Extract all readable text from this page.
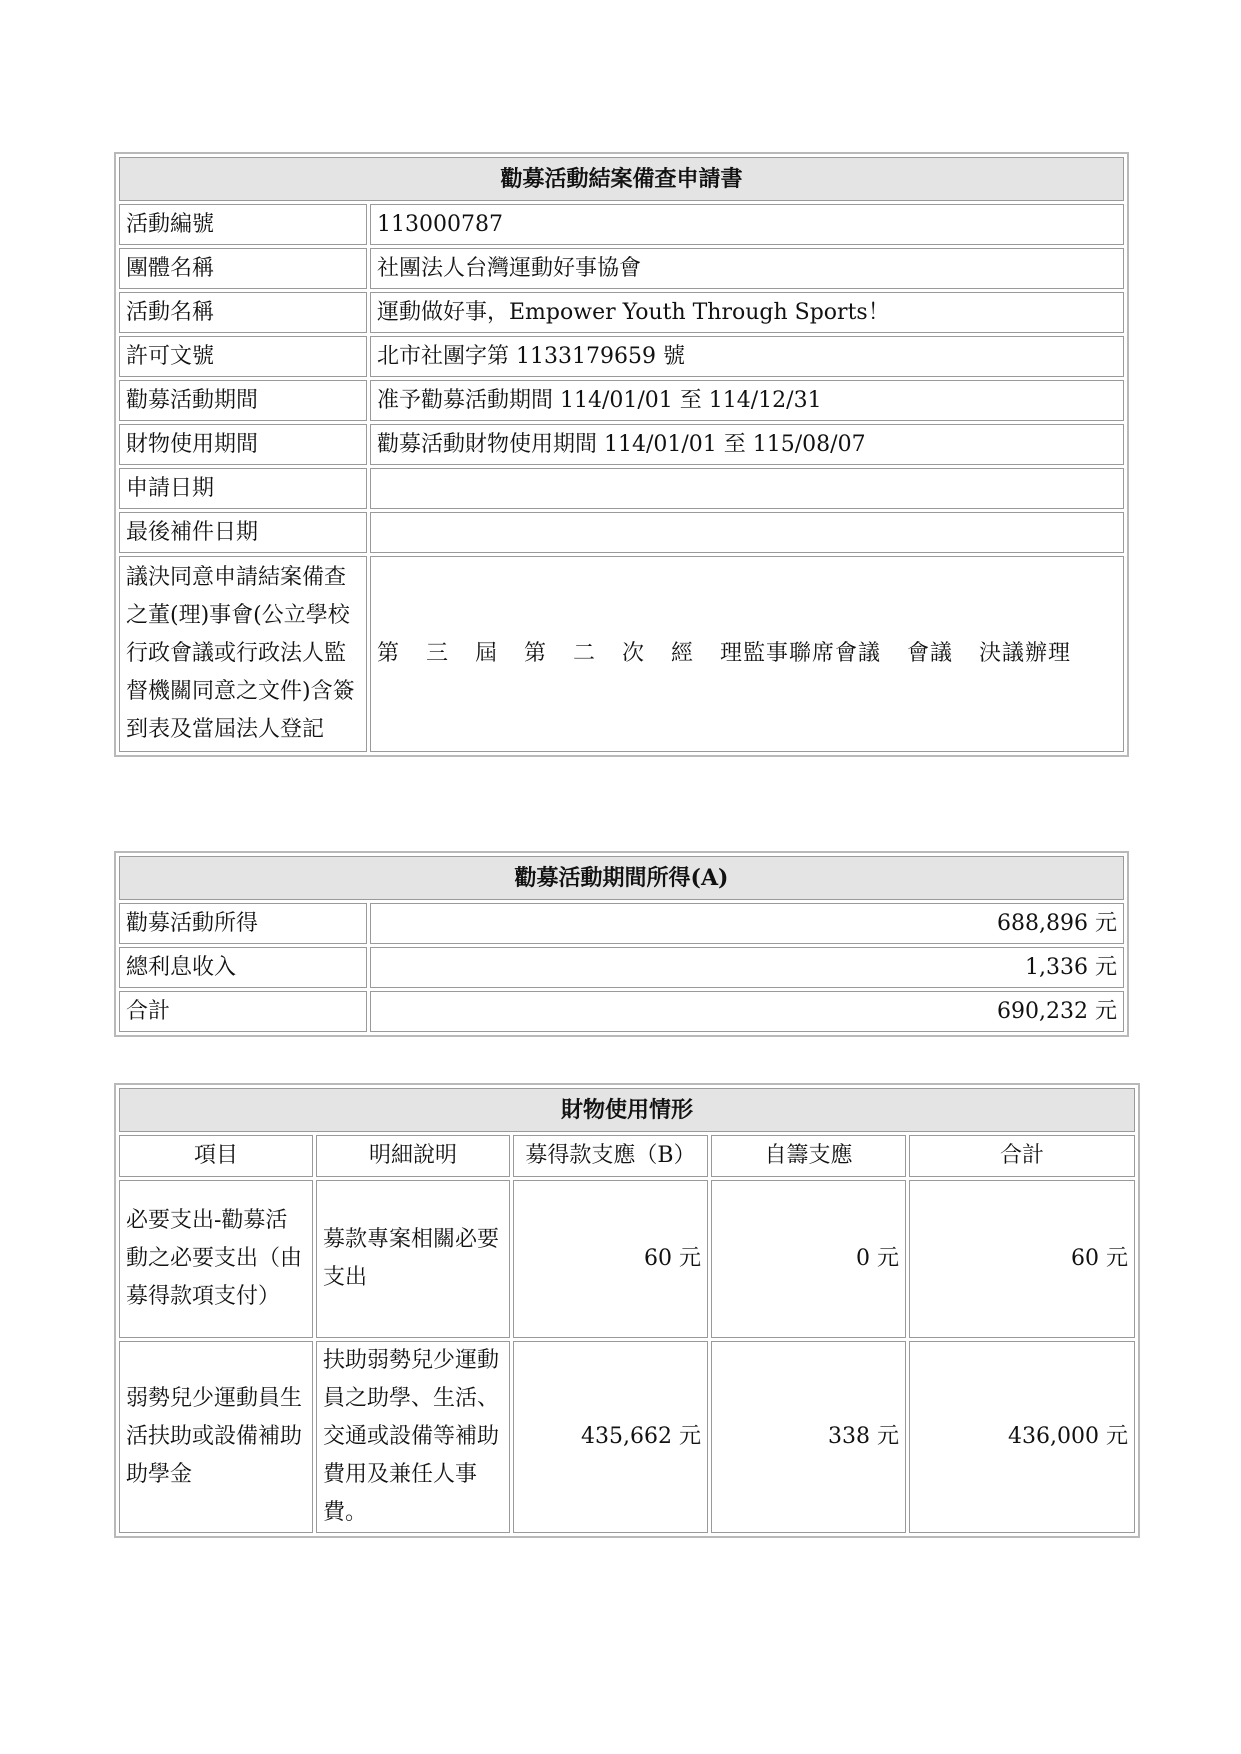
勸募活動結案備查申請書	
活動編號	113000787
團體名稱	社團法人台灣運動好事協會
活動名稱	運動做好事，Empower Youth Through Sports！
許可文號	北市社團字第 1133179659 號
勸募活動期間	准予勸募活動期間 114/01/01 至 114/12/31
財物使用期間	勸募活動財物使用期間 114/01/01 至 115/08/07
申請日期	
最後補件日期	
議決同意申請結案備查之董(理)事會(公立學校行政會議或行政法人監督機關同意之文件)含簽到表及當屆法人登記	第 三 屆 第 二 次 經 理監事聯席會議 會議 決議辦理
勸募活動期間所得(A)	
勸募活動所得	688,896 元
總利息收入	1,336 元
合計	690,232 元
財物使用情形				
項目	明細說明	募得款支應（B）	自籌支應	合計
必要支出-勸募活動之必要支出（由募得款項支付）	募款專案相關必要支出	60 元	0 元	60 元
弱勢兒少運動員生活扶助或設備補助助學金	扶助弱勢兒少運動員之助學、生活、交通或設備等補助費用及兼任人事費。	435,662 元	338 元	436,000 元
